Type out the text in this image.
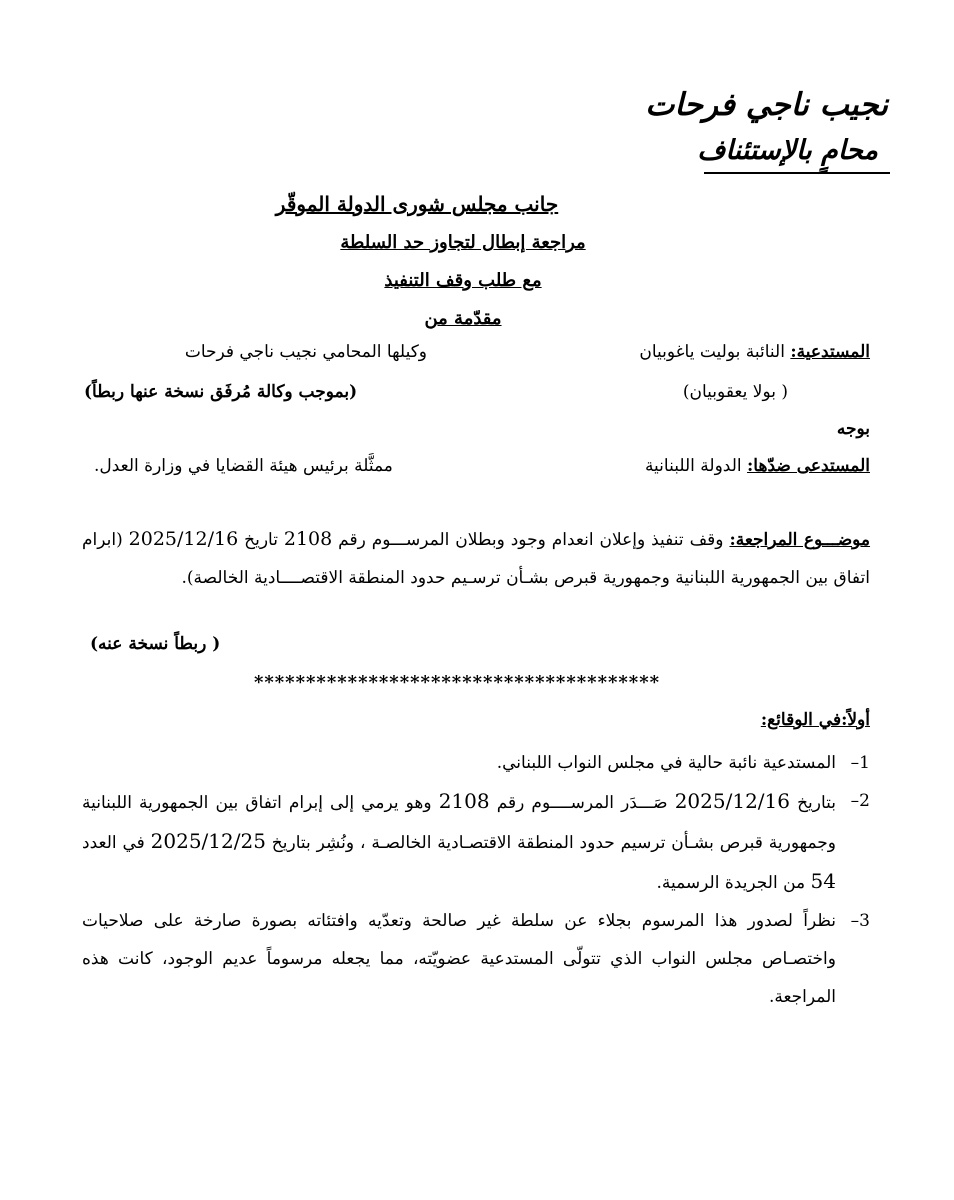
نجيب ناجي فرحات
محامٍ بالإستئناف
جانب مجلس شورى الدولة الموقّر
مراجعة إبطال لتجاوز حد السلطة
مع طلب وقف التنفيذ
مقدّمة من
المستدعية: النائبة بوليت ياغوبيان
وكيلها المحامي نجيب ناجي فرحات
( بولا يعقوبيان)
(بموجب وكالة مُرفَق نسخة عنها ربطاً)
بوجه
المستدعى ضدّها: الدولة اللبنانية
ممثَّلة برئيس هيئة القضايا في وزارة العدل.
موضـــوع المراجعة: وقف تنفيذ وإعلان انعدام وجود وبطلان المرســـوم رقم 2108 تاريخ 2025/12/16 (ابرام اتفاق بين الجمهورية اللبنانية وجمهورية قبرص بشـأن ترسـيم حدود المنطقة الاقتصــــادية الخالصة).
( ربطاً نسخة عنه)
***************************************
أولاً:في الوقائع:
1–
المستدعية نائبة حالية في مجلس النواب اللبناني.
2–
بتاريخ 2025/12/16 صَـــدَر المرســــوم رقم 2108 وهو يرمي إلى إبرام اتفاق بين الجمهورية اللبنانية وجمهورية قبرص بشـأن ترسيم حدود المنطقة الاقتصـادية الخالصـة ، ونُشِر بتاريخ 2025/12/25 في العدد 54 من الجريدة الرسمية.
3–
نظراً لصدور هذا المرسوم بجلاء عن سلطة غير صالحة وتعدّيه وافتئاته بصورة صارخة على صلاحيات واختصـاص مجلس النواب الذي تتولّى المستدعية عضويّته، مما يجعله مرسوماً عديم الوجود، كانت هذه المراجعة.
